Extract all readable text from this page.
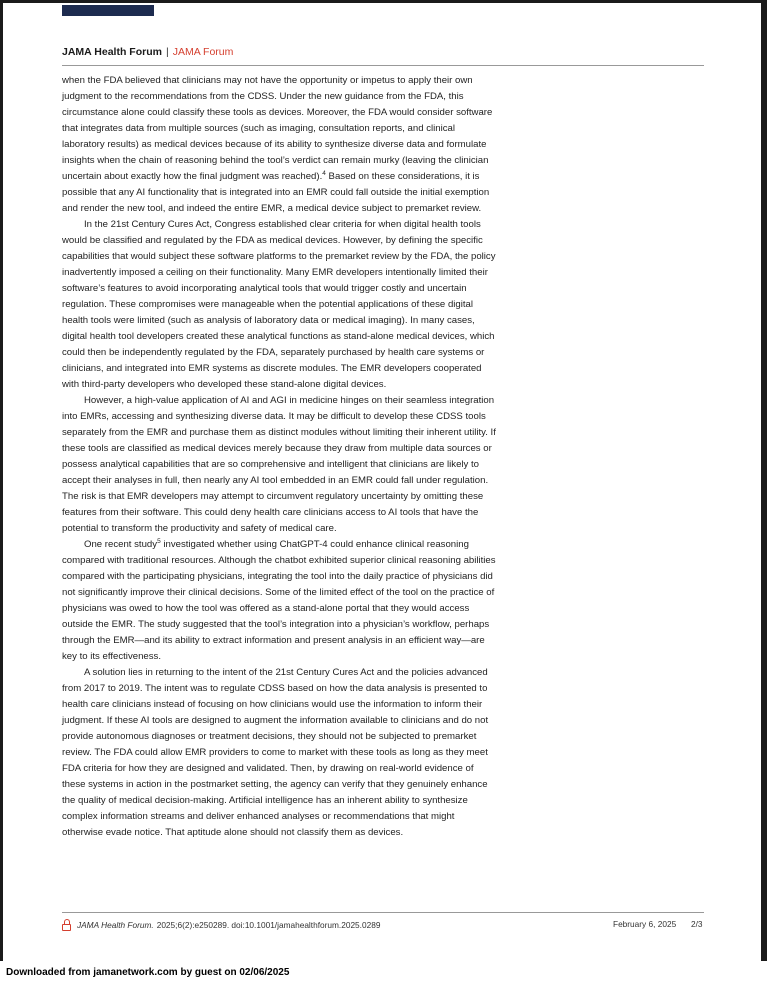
JAMA Health Forum | JAMA Forum

when the FDA believed that clinicians may not have the opportunity or impetus to apply their own judgment to the recommendations from the CDSS. Under the new guidance from the FDA, this circumstance alone could classify these tools as devices. Moreover, the FDA would consider software that integrates data from multiple sources (such as imaging, consultation reports, and clinical laboratory results) as medical devices because of its ability to synthesize diverse data and formulate insights when the chain of reasoning behind the tool’s verdict can remain murky (leaving the clinician uncertain about exactly how the final judgment was reached).$^4$ Based on these considerations, it is possible that any AI functionality that is integrated into an EMR could fall outside the initial exemption and render the new tool, and indeed the entire EMR, a medical device subject to premarket review.

In the 21st Century Cures Act, Congress established clear criteria for when digital health tools would be classified and regulated by the FDA as medical devices. However, by defining the specific capabilities that would subject these software platforms to the premarket review by the FDA, the policy inadvertently imposed a ceiling on their functionality. Many EMR developers intentionally limited their software’s features to avoid incorporating analytical tools that would trigger costly and uncertain regulation. These compromises were manageable when the potential applications of these digital health tools were limited (such as analysis of laboratory data or medical imaging). In many cases, digital health tool developers created these analytical functions as stand-alone medical devices, which could then be independently regulated by the FDA, separately purchased by health care systems or clinicians, and integrated into EMR systems as discrete modules. The EMR developers cooperated with third-party developers who developed these stand-alone digital devices.

However, a high-value application of AI and AGI in medicine hinges on their seamless integration into EMRs, accessing and synthesizing diverse data. It may be difficult to develop these CDSS tools separately from the EMR and purchase them as distinct modules without limiting their inherent utility. If these tools are classified as medical devices merely because they draw from multiple data sources or possess analytical capabilities that are so comprehensive and intelligent that clinicians are likely to accept their analyses in full, then nearly any AI tool embedded in an EMR could fall under regulation. The risk is that EMR developers may attempt to circumvent regulatory uncertainty by omitting these features from their software. This could deny health care clinicians access to AI tools that have the potential to transform the productivity and safety of medical care.

One recent study$^5$ investigated whether using ChatGPT-4 could enhance clinical reasoning compared with traditional resources. Although the chatbot exhibited superior clinical reasoning abilities compared with the participating physicians, integrating the tool into the daily practice of physicians did not significantly improve their clinical decisions. Some of the limited effect of the tool on the practice of physicians was owed to how the tool was offered as a stand-alone portal that they would access outside the EMR. The study suggested that the tool’s integration into a physician’s workflow, perhaps through the EMR—and its ability to extract information and present analysis in an efficient way—are key to its effectiveness.

A solution lies in returning to the intent of the 21st Century Cures Act and the policies advanced from 2017 to 2019. The intent was to regulate CDSS based on how the data analysis is presented to health care clinicians instead of focusing on how clinicians would use the information to inform their judgment. If these AI tools are designed to augment the information available to clinicians and do not provide autonomous diagnoses or treatment decisions, they should not be subjected to premarket review. The FDA could allow EMR providers to come to market with these tools as long as they meet FDA criteria for how they are designed and validated. Then, by drawing on real-world evidence of these systems in action in the postmarket setting, the agency can verify that they genuinely enhance the quality of medical decision-making. Artificial intelligence has an inherent ability to synthesize complex information streams and deliver enhanced analyses or recommendations that might otherwise evade notice. That aptitude alone should not classify them as devices.

JAMA Health Forum. 2025;6(2):e250289. doi:10.1001/jamahealthforum.2025.0289	February 6, 2025 2/3
Downloaded from jamanetwork.com by guest on 02/06/2025
